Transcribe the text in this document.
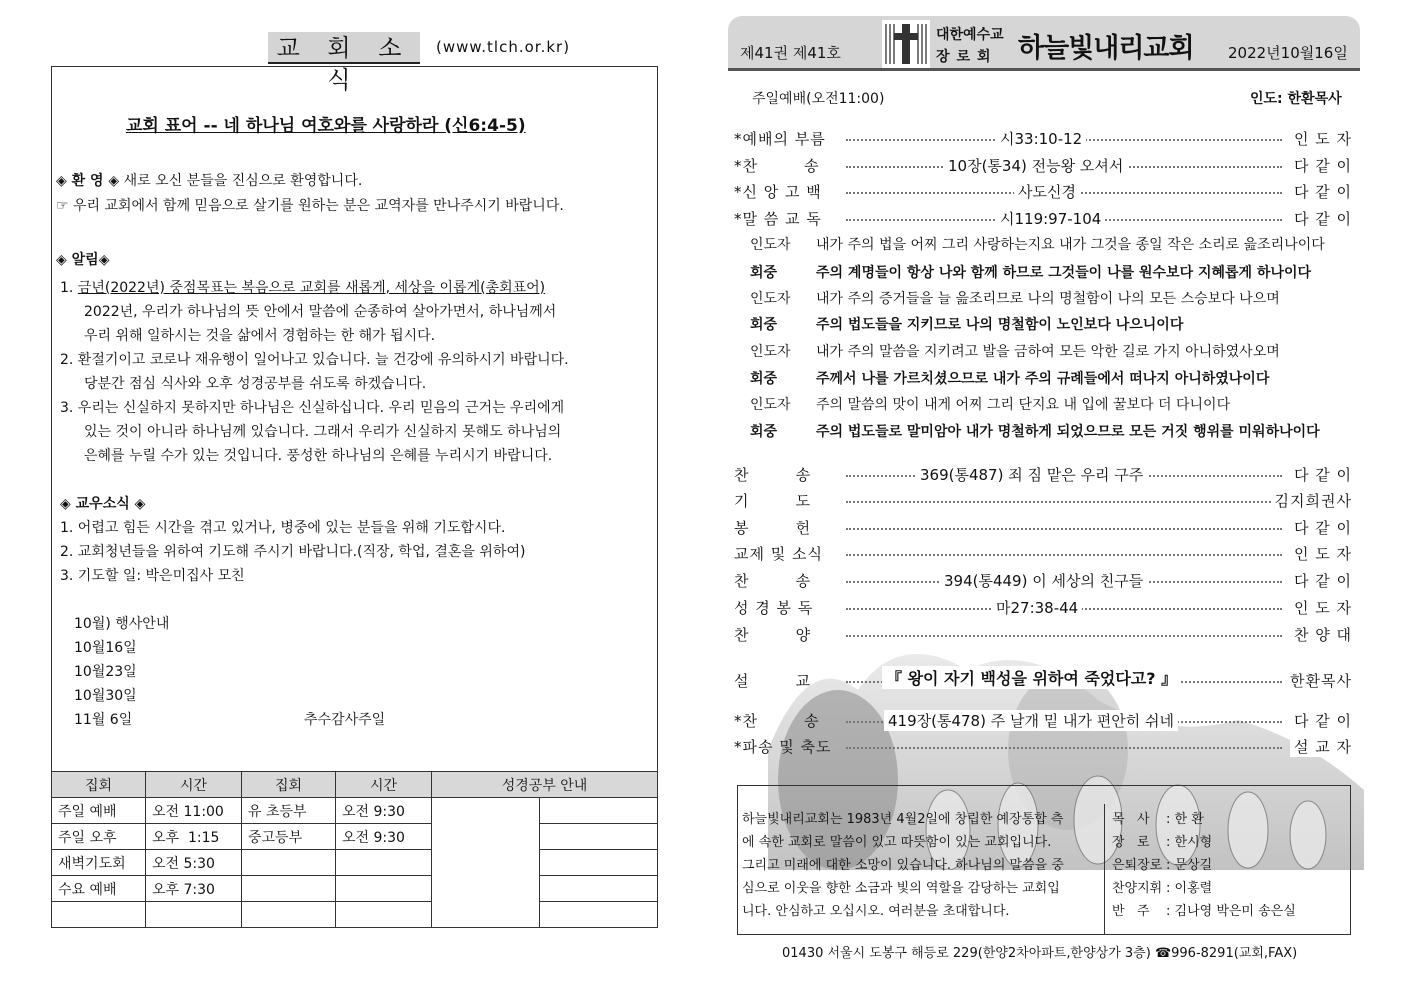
교 회 소 식
(www.tlch.or.kr)
교회 표어 -- 네 하나님 여호와를 사랑하라 (신6:4-5)
◈ 환 영 ◈ 새로 오신 분들을 진심으로 환영합니다.
☞ 우리 교회에서 함께 믿음으로 살기를 원하는 분은 교역자를 만나주시기 바랍니다.
◈ 알림◈
1. 금년(2022년) 중점목표는 복음으로 교회를 새롭게, 세상을 이롭게(총회표어)
2022년, 우리가 하나님의 뜻 안에서 말씀에 순종하여 살아가면서, 하나님께서
우리 위해 일하시는 것을 삶에서 경험하는 한 해가 됩시다.
2. 환절기이고 코로나 재유행이 일어나고 있습니다. 늘 건강에 유의하시기 바랍니다.
당분간 점심 식사와 오후 성경공부를 쉬도록 하겠습니다.
3. 우리는 신실하지 못하지만 하나님은 신실하십니다. 우리 믿음의 근거는 우리에게
있는 것이 아니라 하나님께 있습니다. 그래서 우리가 신실하지 못해도 하나님의
은혜를 누릴 수가 있는 것입니다. 풍성한 하나님의 은혜를 누리시기 바랍니다.
◈ 교우소식 ◈
1. 어렵고 힘든 시간을 겪고 있거나, 병중에 있는 분들을 위해 기도합시다.
2. 교회청년들을 위하여 기도해 주시기 바랍니다.(직장, 학업, 결혼을 위하여)
3. 기도할 일: 박은미집사 모친
10월) 행사안내
10월16일
10월23일
10월30일
11월 6일	추수감사주일
집회	시간	집회	시간	성경공부 안내	
주일 예배	오전 11:00	유 초등부	오전 9:30		
주일 오후	오후  1:15	중고등부	오전 9:30		
새벽기도회	오전 5:30				
수요 예배	오후 7:30				

제41권 제41호
대한예수교
장로회 하늘빛내리교회 2022년10월16일
주일예배(오전11:00)	인도: 한환목사
*예배의 부름	시33:10-12	인 도 자
*찬        송	10장(통34) 전능왕 오셔서	다 같 이
*신 앙 고 백	사도신경	다 같 이
*말 씀 교 독	시119:97-104	다 같 이
찬        송	369(통487) 죄 짐 맡은 우리 구주	다 같 이
기        도	김지희권사
봉        헌	다 같 이
교제 및 소식	인 도 자
찬        송	394(통449) 이 세상의 친구들	다 같 이
성 경 봉 독	마27:38-44	인 도 자
찬        양	찬 양 대
설        교	『 왕이 자기 백성을 위하여 죽었다고? 』	한환목사
*찬        송	419장(통478) 주 날개 밑 내가 편안히 쉬네	다 같 이
*파송 및 축도	설 교 자
하늘빛내리교회는 1983년 4월2일에 창립한 예장통합 측
에 속한 교회로 말씀이 있고 따뜻함이 있는 교회입니다.
그리고 미래에 대한 소망이 있습니다. 하나님의 말씀을 중
심으로 이웃을 향한 소금과 빛의 역할을 감당하는 교회입
니다. 안심하고 오십시오. 여러분을 초대합니다.
목   사 : 한 환
장   로 : 한시형
은퇴장로 : 문상길
찬양지휘 : 이홍렬
반   주 : 김나영 박은미 송은실
01430 서울시 도봉구 해등로 229(한양2차아파트,한양상가 3층) ☎996-8291(교회,FAX)
인도자 내가 주의 법을 어찌 그리 사랑하는지요 내가 그것을 종일 작은 소리로 읊조리나이다
회중	주의 계명들이 항상 나와 함께 하므로 그것들이 나를 원수보다 지혜롭게 하나이다
인도자 내가 주의 증거들을 늘 읊조리므로 나의 명철함이 나의 모든 스승보다 나으며
회중	주의 법도들을 지키므로 나의 명철함이 노인보다 나으니이다
인도자 내가 주의 말씀을 지키려고 발을 금하여 모든 악한 길로 가지 아니하였사오며
회중	주께서 나를 가르치셨으므로 내가 주의 규례들에서 떠나지 아니하였나이다
인도자 주의 말씀의 맛이 내게 어찌 그리 단지요 내 입에 꿀보다 더 다니이다
회중	주의 법도들로 말미암아 내가 명철하게 되었으므로 모든 거짓 행위를 미워하나이다
